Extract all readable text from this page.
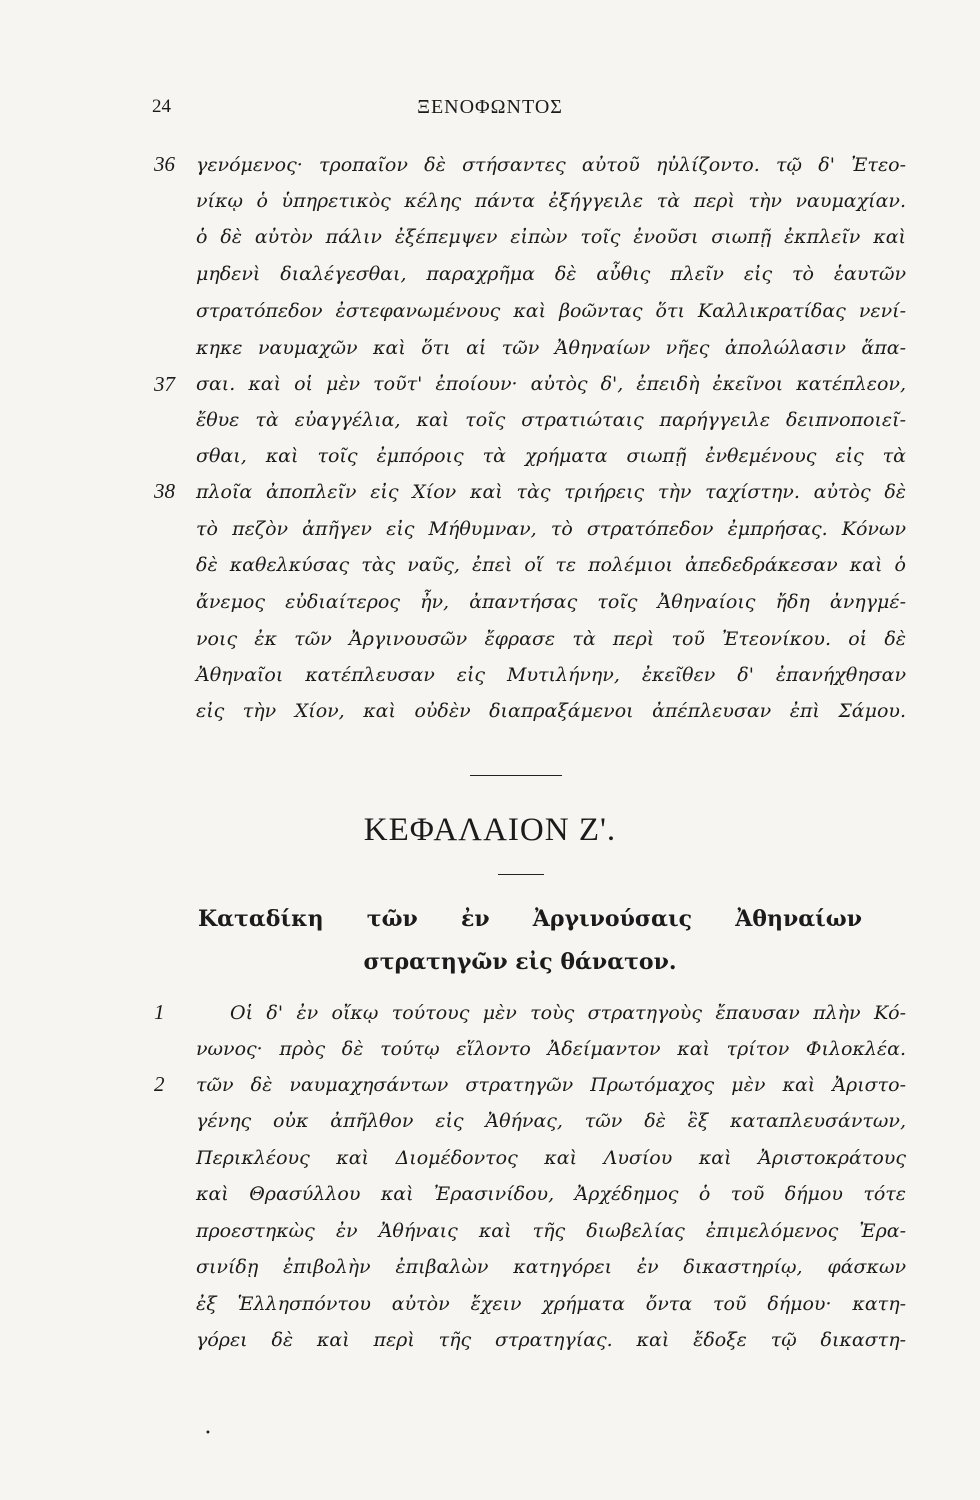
24	ΞΕΝΟΦΩΝΤΟΣ
36
37
38
γενόμενος· τροπαῖον δὲ στήσαντες αὐτοῦ ηὐλίζοντο. τῷ δ' Ἐτεο-
νίκῳ ὁ ὑπηρετικὸς κέλης πάντα ἐξήγγειλε τὰ περὶ τὴν ναυμαχίαν.
ὁ δὲ αὐτὸν πάλιν ἐξέπεμψεν εἰπὼν τοῖς ἐνοῦσι σιωπῇ ἐκπλεῖν καὶ
μηδενὶ διαλέγεσθαι, παραχρῆμα δὲ αὖθις πλεῖν εἰς τὸ ἑαυτῶν
στρατόπεδον ἐστεφανωμένους καὶ βοῶντας ὅτι Καλλικρατίδας νενί-
κηκε ναυμαχῶν καὶ ὅτι αἱ τῶν Ἀθηναίων νῆες ἀπολώλασιν ἅπα-
σαι. καὶ οἱ μὲν τοῦτ' ἐποίουν· αὐτὸς δ', ἐπειδὴ ἐκεῖνοι κατέπλεον,
ἔθυε τὰ εὐαγγέλια, καὶ τοῖς στρατιώταις παρήγγειλε δειπνοποιεῖ-
σθαι, καὶ τοῖς ἐμπόροις τὰ χρήματα σιωπῇ ἐνθεμένους εἰς τὰ
πλοῖα ἀποπλεῖν εἰς Χίον καὶ τὰς τριήρεις τὴν ταχίστην. αὐτὸς δὲ
τὸ πεζὸν ἀπῆγεν εἰς Μήθυμναν, τὸ στρατόπεδον ἐμπρήσας. Κόνων
δὲ καθελκύσας τὰς ναῦς, ἐπεὶ οἵ τε πολέμιοι ἀπεδεδράκεσαν καὶ ὁ
ἄνεμος εὐδιαίτερος ἦν, ἀπαντήσας τοῖς Ἀθηναίοις ἤδη ἀνηγμέ-
νοις ἐκ τῶν Ἀργινουσῶν ἔφρασε τὰ περὶ τοῦ Ἐτεονίκου. οἱ δὲ
Ἀθηναῖοι κατέπλευσαν εἰς Μυτιλήνην, ἐκεῖθεν δ' ἐπανήχθησαν
εἰς τὴν Χίον, καὶ οὐδὲν διαπραξάμενοι ἀπέπλευσαν ἐπὶ Σάμου.
ΚΕΦΑΛΑΙΟΝ Ζ'.
Καταδίκη τῶν ἐν Ἀργινούσαις Ἀθηναίων
στρατηγῶν εἰς θάνατον.
1
2
Οἱ δ' ἐν οἴκῳ τούτους μὲν τοὺς στρατηγοὺς ἔπαυσαν πλὴν Κό-
νωνος· πρὸς δὲ τούτῳ εἵλοντο Ἀδείμαντον καὶ τρίτον Φιλοκλέα.
τῶν δὲ ναυμαχησάντων στρατηγῶν Πρωτόμαχος μὲν καὶ Ἀριστο-
γένης οὐκ ἀπῆλθον εἰς Ἀθήνας, τῶν δὲ ἓξ καταπλευσάντων,
Περικλέους καὶ Διομέδοντος καὶ Λυσίου καὶ Ἀριστοκράτους
καὶ Θρασύλλου καὶ Ἐρασινίδου, Ἀρχέδημος ὁ τοῦ δήμου τότε
προεστηκὼς ἐν Ἀθήναις καὶ τῆς διωβελίας ἐπιμελόμενος Ἐρα-
σινίδῃ ἐπιβολὴν ἐπιβαλὼν κατηγόρει ἐν δικαστηρίῳ, φάσκων
ἐξ Ἑλλησπόντου αὐτὸν ἔχειν χρήματα ὄντα τοῦ δήμου· κατη-
γόρει δὲ καὶ περὶ τῆς στρατηγίας. καὶ ἔδοξε τῷ δικαστη-
•
